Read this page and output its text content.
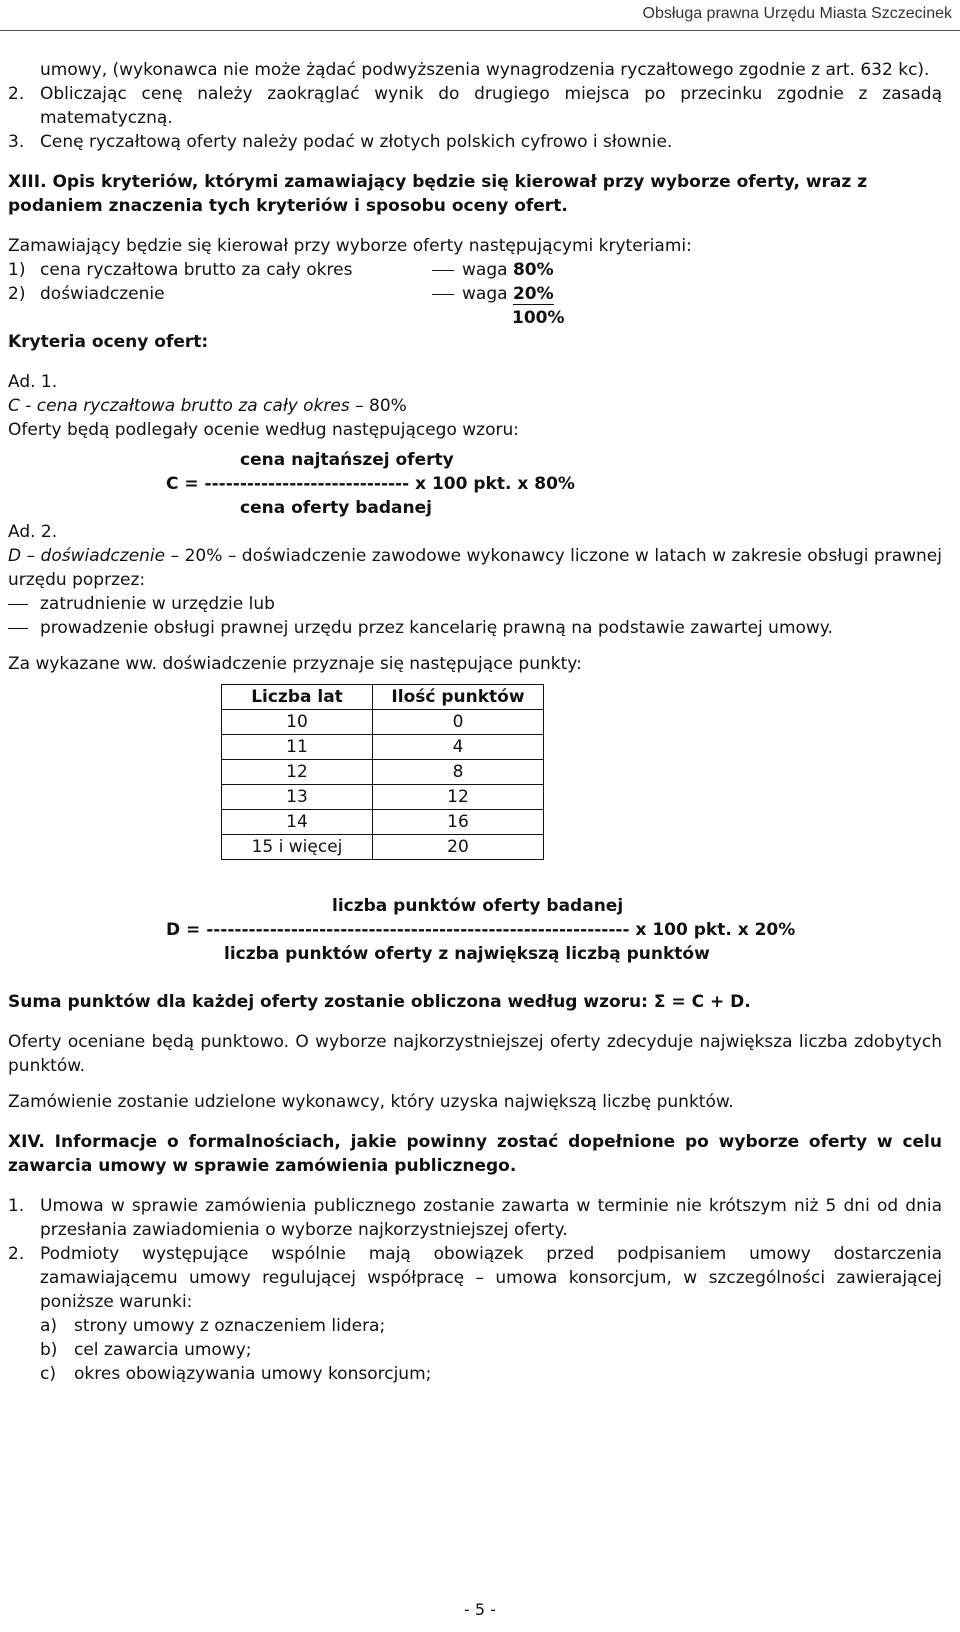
Obsługa prawna Urzędu Miasta Szczecinek

umowy, (wykonawca nie może żądać podwyższenia wynagrodzenia ryczałtowego zgodnie z art. 632 kc).

2. Obliczając cenę należy zaokrąglać wynik do drugiego miejsca po przecinku zgodnie z zasadą matematyczną.
3. Cenę ryczałtową oferty należy podać w złotych polskich cyfrowo i słownie.

XIII. Opis kryteriów, którymi zamawiający będzie się kierował przy wyborze oferty, wraz z podaniem znaczenia tych kryteriów i sposobu oceny ofert.

Zamawiający będzie się kierował przy wyborze oferty następującymi kryteriami:

1) cena ryczałtowa brutto za cały okres	waga 80%
2) doświadczenie	waga 20%

100%

Kryteria oceny ofert:

Ad. 1.

C - cena ryczałtowa brutto za cały okres – 80%

Oferty będą podlegały ocenie według następującego wzoru:

cena najtańszej oferty

C = ----------------------------- x 100 pkt. x 80%

cena oferty badanej

Ad. 2.

D – doświadczenie – 20% – doświadczenie zawodowe wykonawcy liczone w latach w zakresie obsługi prawnej urzędu poprzez:

zatrudnienie w urzędzie lub
prowadzenie obsługi prawnej urzędu przez kancelarię prawną na podstawie zawartej umowy.

Za wykazane ww. doświadczenie przyznaje się następujące punkty:

Liczba lat	Ilość punktów
10	0
11	4
12	8
13	12
14	16
15 i więcej	20

liczba punktów oferty badanej

D = ------------------------------------------------------------ x 100 pkt. x 20%

liczba punktów oferty z największą liczbą punktów

Suma punktów dla każdej oferty zostanie obliczona według wzoru: Σ = C + D.

Oferty oceniane będą punktowo. O wyborze najkorzystniejszej oferty zdecyduje największa liczba zdobytych punktów.

Zamówienie zostanie udzielone wykonawcy, który uzyska największą liczbę punktów.

XIV. Informacje o formalnościach, jakie powinny zostać dopełnione po wyborze oferty w celu zawarcia umowy w sprawie zamówienia publicznego.

1. Umowa w sprawie zamówienia publicznego zostanie zawarta w terminie nie krótszym niż 5 dni od dnia przesłania zawiadomienia o wyborze najkorzystniejszej oferty.
2. Podmioty występujące wspólnie mają obowiązek przed podpisaniem umowy dostarczenia zamawiającemu umowy regulującej współpracę – umowa konsorcjum, w szczególności zawierającej poniższe warunki:
a) strony umowy z oznaczeniem lidera;
b) cel zawarcia umowy;
c)	okres obowiązywania umowy konsorcjum;
- 5 -
